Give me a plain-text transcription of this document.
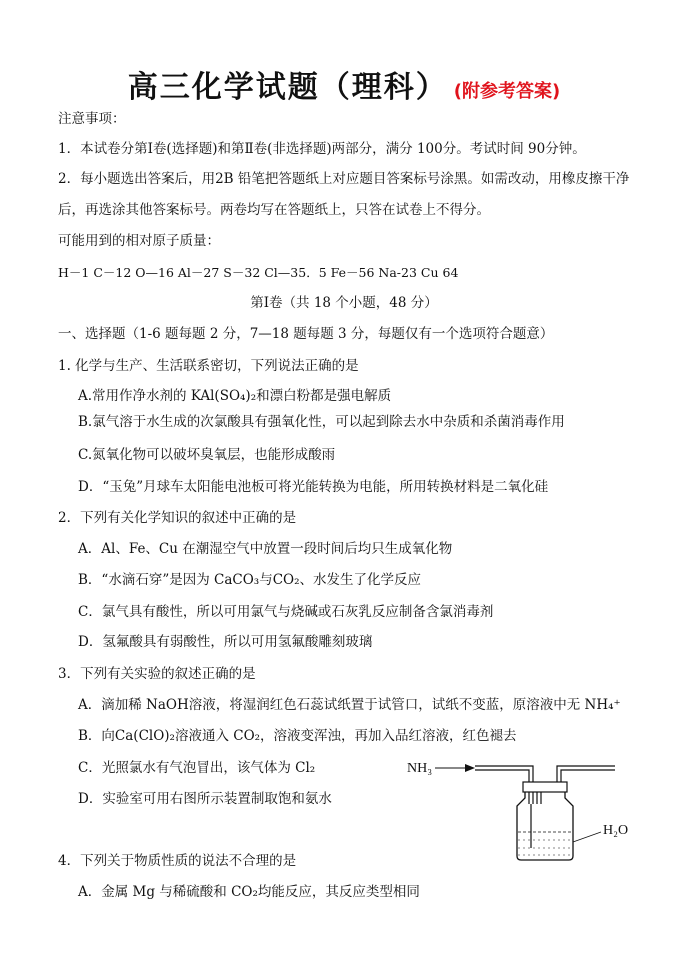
高三化学试题（理科） (附参考答案)
注意事项：
1．本试卷分第Ⅰ卷(选择题)和第Ⅱ卷(非选择题)两部分，满分 100分。考试时间 90分钟。
2．每小题选出答案后，用2B 铅笔把答题纸上对应题目答案标号涂黑。如需改动，用橡皮擦干净
后，再选涂其他答案标号。两卷均写在答题纸上，只答在试卷上不得分。
可能用到的相对原子质量：
H－1 C－12 O—16 Al－27 S－32 Cl—35．5 Fe－56 Na-23 Cu 64
第Ⅰ卷（共 18 个小题，48 分）
一、选择题（1-6 题每题 2 分，7—18 题每题 3 分，每题仅有一个选项符合题意）
1. 化学与生产、生活联系密切，下列说法正确的是
A.常用作净水剂的 KAl(SO₄)₂和漂白粉都是强电解质
B.氯气溶于水生成的次氯酸具有强氧化性，可以起到除去水中杂质和杀菌消毒作用
C.氮氧化物可以破坏臭氧层，也能形成酸雨
D．“玉兔”月球车太阳能电池板可将光能转换为电能，所用转换材料是二氧化硅
2．下列有关化学知识的叙述中正确的是
A．Al、Fe、Cu 在潮湿空气中放置一段时间后均只生成氧化物
B．“水滴石穿”是因为 CaCO₃与CO₂、水发生了化学反应
C．氯气具有酸性，所以可用氯气与烧碱或石灰乳反应制备含氯消毒剂
D．氢氟酸具有弱酸性，所以可用氢氟酸雕刻玻璃
3．下列有关实验的叙述正确的是
A．滴加稀 NaOH溶液，将湿润红色石蕊试纸置于试管口，试纸不变蓝，原溶液中无 NH₄⁺
B．向Ca(ClO)₂溶液通入 CO₂，溶液变浑浊，再加入品红溶液，红色褪去
C．光照氯水有气泡冒出，该气体为 Cl₂
D．实验室可用右图所示装置制取饱和氨水
NH₃
H₂O
4．下列关于物质性质的说法不合理的是
A．金属 Mg 与稀硫酸和 CO₂均能反应，其反应类型相同
